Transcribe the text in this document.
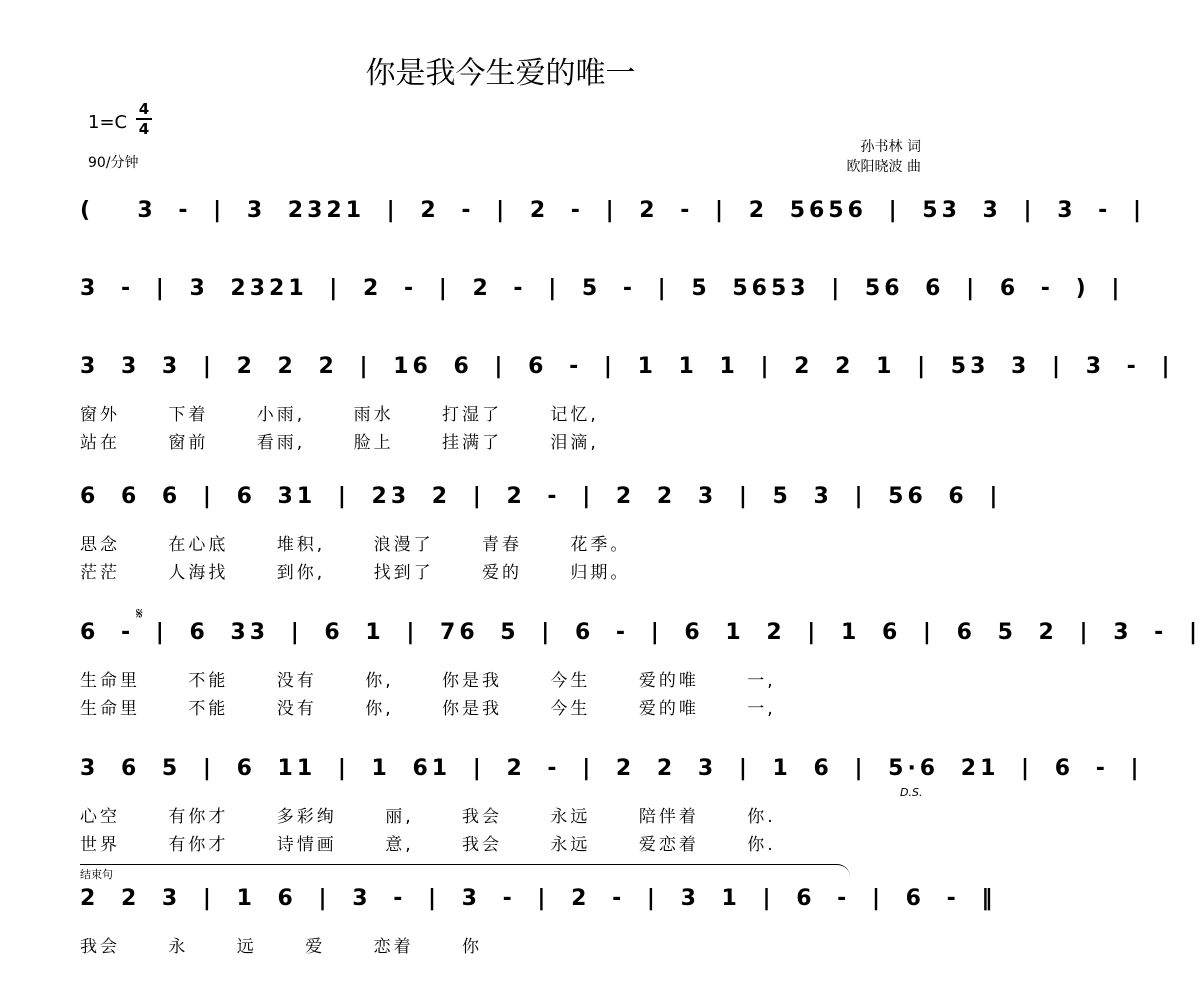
你是我今生爱的唯一
1=C
4
4
90/分钟
孙书林 词
欧阳晓波 曲
(  3 - | 3 2321 | 2 - | 2 - | 2 - | 2 5656 | 53 3 | 3 - |
3 - | 3 2321 | 2 - | 2 - | 5 - | 5 5653 | 56 6 | 6 - ) |
3 3 3 | 2 2 2 | 16 6 | 6 - | 1 1 1 | 2 2 1 | 53 3 | 3 - |
窗外 下着 小雨, 雨水 打湿了 记忆,
站在 窗前 看雨, 脸上 挂满了 泪滴,
6 6 6 | 6 31 | 23 2 | 2 - | 2 2 3 | 5 3 | 56 6 |
思念 在心底 堆积, 浪漫了 青春 花季。
茫茫 人海找 到你, 找到了 爱的 归期。
6 - | 6 33 | 6 1 | 76 5 | 6 - | 6 1 2 | 1 6 | 6 5 2 | 3 - |
生命里 不能 没有 你, 你是我 今生 爱的唯 一,
生命里 不能 没有 你, 你是我 今生 爱的唯 一,
3 6 5 | 6 11 | 1 61 | 2 - | 2 2 3 | 1 6 | 5·6 21 | 6 - |
心空 有你才 多彩绚 丽, 我会 永远 陪伴着 你.
世界 有你才 诗情画 意, 我会 永远 爱恋着 你.
2 2 3 | 1 6 | 3 - | 3 - | 2 - | 3 1 | 6 - | 6 - ‖
我会 永 远 爱 恋着 你
D.S.
𝄋
结束句
